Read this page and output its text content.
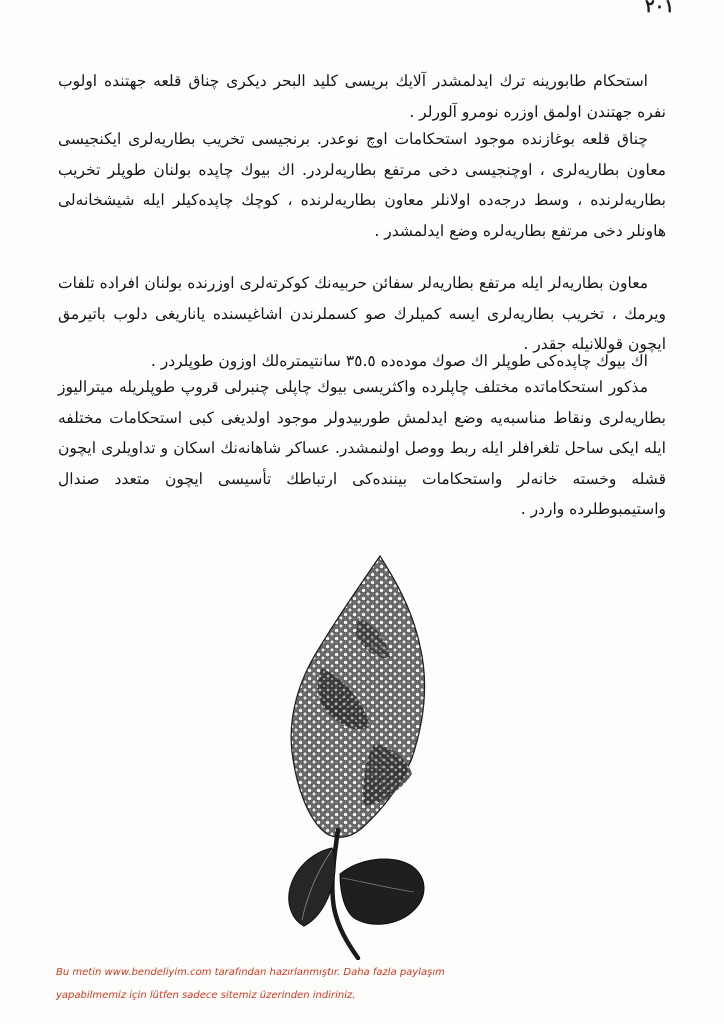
٢٠١

استحکام طابورینه ترك ایدلمشدر آلایك بریسی کلید البحر دیکری چناق قلعه جهتنده اولوب نفره جهتندن اولمق اوزره نومرو آلورلر .

چناق قلعه بوغازنده موجود استحکامات اوچ نوعدر. برنجیسی تخریب بطاریه‌لری ایکنجیسی معاون بطاریه‌لری ، اوچنجیسی دخی مرتفع بطاریه‌لردر. اك بیوك چاپده بولنان طوپلر تخریب بطاریه‌لرنده ، وسط درجه‌ده اولانلر معاون بطاریه‌لرنده ، کوچك چاپده‌کیلر ایله شیشخانه‌لی هاونلر دخی مرتفع بطاریه‌لره وضع ایدلمشدر .

معاون بطاریه‌لر ایله مرتفع بطاریه‌لر سفائن حربیه‌نك کوکرته‌لری اوزرنده بولنان افراده تلفات ویرمك ، تخریب بطاریه‌لری ایسه کمیلرك صو کسملرندن اشاغیسنده یاناریغی دلوب باتیرمق ایچون قوللانیله جقدر .

اك بیوك چاپده‌کی طوپلر اك صوك موده‌ده ٣٥.٥ سانتیمترەلك اوزون طوپلردر .

مذکور استحکاماتده مختلف چاپلرده واکثریسی بیوك چاپلی چنبرلی قروپ طوپلریله میترالیوز بطاریه‌لری ونقاط مناسبه‌یه وضع ایدلمش طوربیدولر موجود اولدیغی کبی استحکامات مختلفه ایله ایکی ساحل تلغرافلر ایله ربط ووصل اولنمشدر. عساکر شاهانه‌نك اسکان و تداویلری ایچون قشله وخسته خانه‌لر واستحکامات بیننده‌کی ارتباطك تأسیسی ایچون متعدد صندال واستیمبوطلرده واردر .

Bu metin www.bendeliyim.com tarafından hazırlanmıştır. Daha fazla paylaşım
yapabilmemiz için lütfen sadece sitemiz üzerinden indiriniz.
